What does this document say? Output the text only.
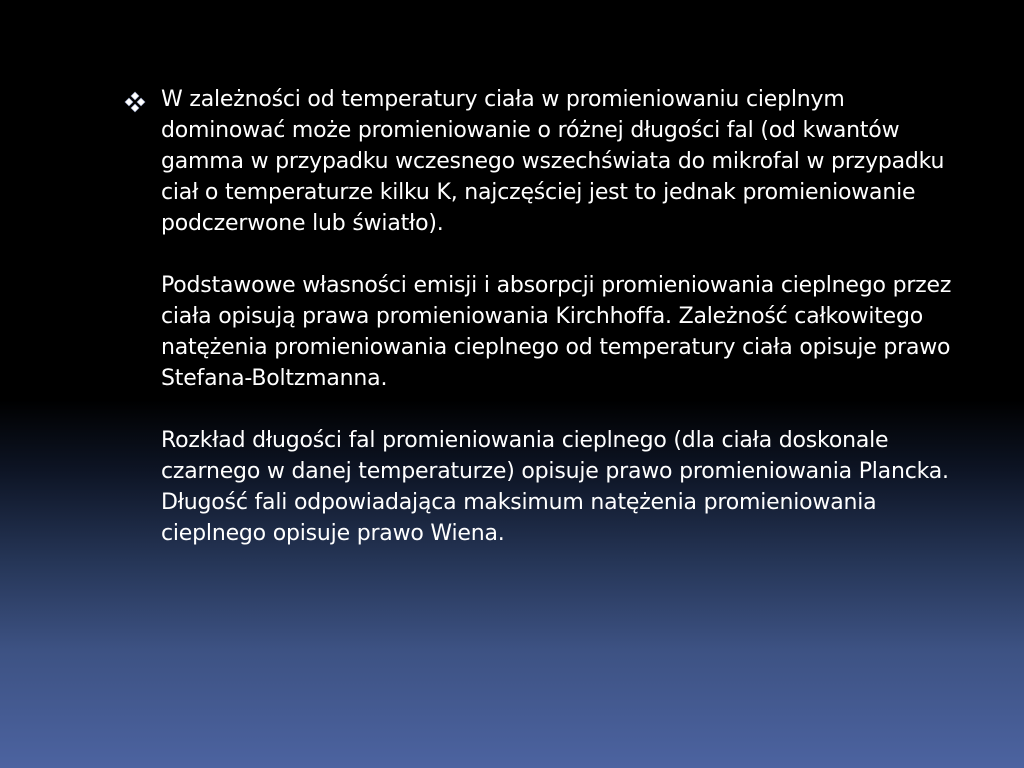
W zależności od temperatury ciała w promieniowaniu cieplnym dominować może promieniowanie o różnej długości fal (od kwantów gamma w przypadku wczesnego wszechświata do mikrofal w przypadku ciał o temperaturze kilku K, najczęściej jest to jednak promieniowanie podczerwone lub światło).

Podstawowe własności emisji i absorpcji promieniowania cieplnego przez ciała opisują prawa promieniowania Kirchhoffa. Zależność całkowitego natężenia promieniowania cieplnego od temperatury ciała opisuje prawo Stefana-Boltzmanna.

Rozkład długości fal promieniowania cieplnego (dla ciała doskonale czarnego w danej temperaturze) opisuje prawo promieniowania Plancka. Długość fali odpowiadająca maksimum natężenia promieniowania cieplnego opisuje prawo Wiena.
